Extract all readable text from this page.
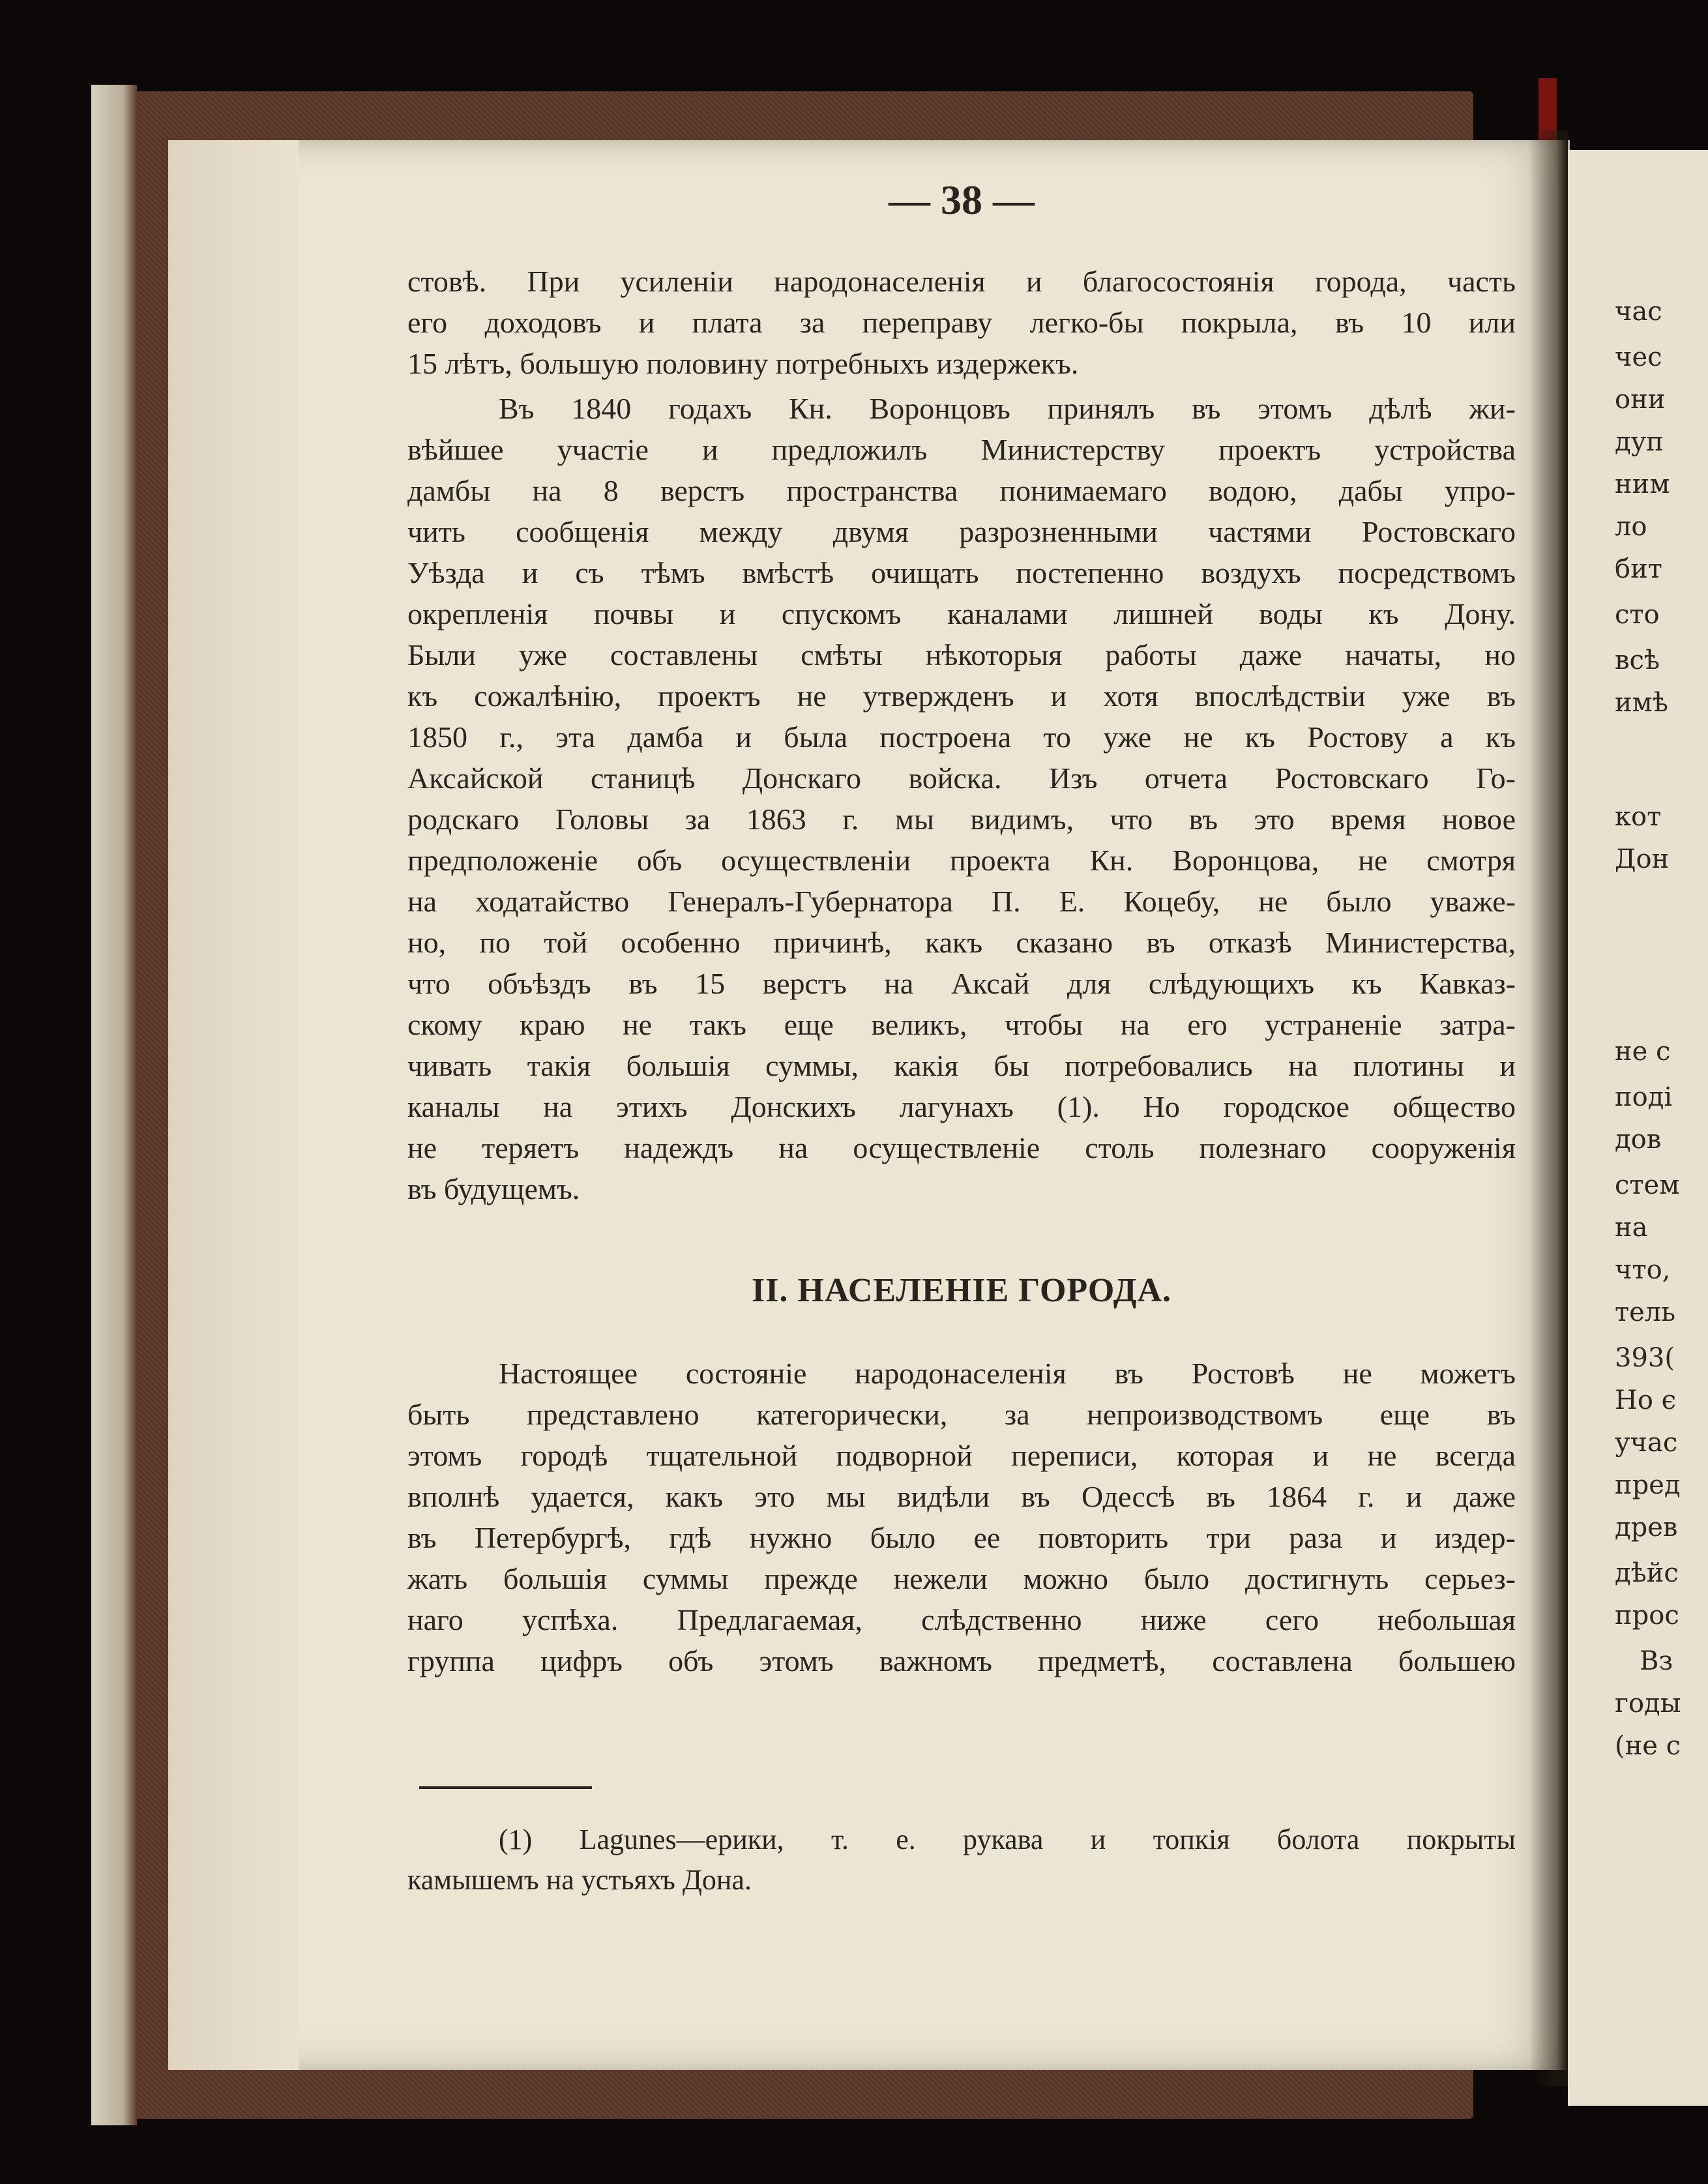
— 38 —
стовѣ. При усиленіи народонаселенія и благосостоянія города, часть
его доходовъ и плата за переправу легко-бы покрыла, въ 10 или
15 лѣтъ, большую половину потребныхъ издержекъ.
Въ 1840 годахъ Кн. Воронцовъ принялъ въ этомъ дѣлѣ жи-
вѣйшее участіе и предложилъ Министерству проектъ устройства
дамбы на 8 верстъ пространства понимаемаго водою, дабы упро-
чить сообщенія между двумя разрозненными частями Ростовскаго
Уѣзда и съ тѣмъ вмѣстѣ очищать постепенно воздухъ посредствомъ
окрепленія почвы и спускомъ каналами лишней воды къ Дону.
Были уже составлены смѣты нѣкоторыя работы даже начаты, но
къ сожалѣнію, проектъ не утвержденъ и хотя впослѣдствіи уже въ
1850 г., эта дамба и была построена то уже не къ Ростову а къ
Аксайской станицѣ Донскаго войска. Изъ отчета Ростовскаго Го-
родскаго Головы за 1863 г. мы видимъ, что въ это время новое
предположеніе объ осуществленіи проекта Кн. Воронцова, не смотря
на ходатайство Генералъ-Губернатора П. Е. Коцебу, не было уваже-
но, по той особенно причинѣ, какъ сказано въ отказѣ Министерства,
что объѣздъ въ 15 верстъ на Аксай для слѣдующихъ къ Кавказ-
скому краю не такъ еще великъ, чтобы на его устраненіе затра-
чивать такія большія суммы, какія бы потребовались на плотины и
каналы на этихъ Донскихъ лагунахъ (1). Но городское общество
не теряетъ надеждъ на осуществленіе столь полезнаго сооруженія
въ будущемъ.
II. НАСЕЛЕНІЕ ГОРОДА.
Настоящее состояніе народонаселенія въ Ростовѣ не можетъ
быть представлено категорически, за непроизводствомъ еще въ
этомъ городѣ тщательной подворной переписи, которая и не всегда
вполнѣ удается, какъ это мы видѣли въ Одессѣ въ 1864 г. и даже
въ Петербургѣ, гдѣ нужно было ее повторить три раза и издер-
жать большія суммы прежде нежели можно было достигнуть серьез-
наго успѣха. Предлагаемая, слѣдственно ниже сего небольшая
группа цифръ объ этомъ важномъ предметѣ, составлена большею
(1) Lagunes—ерики, т. е. рукава и топкія болота покрыты
камышемъ на устьяхъ Дона.
час
чес
они
дуп
ним
ло
бит
сто
всѣ
имѣ
кот
Дон
не с
поді
дов
стем
на
что,
тель
393(
Но є
учас
пред
древ
дѣйс
прос
Вз
годы
(не с
